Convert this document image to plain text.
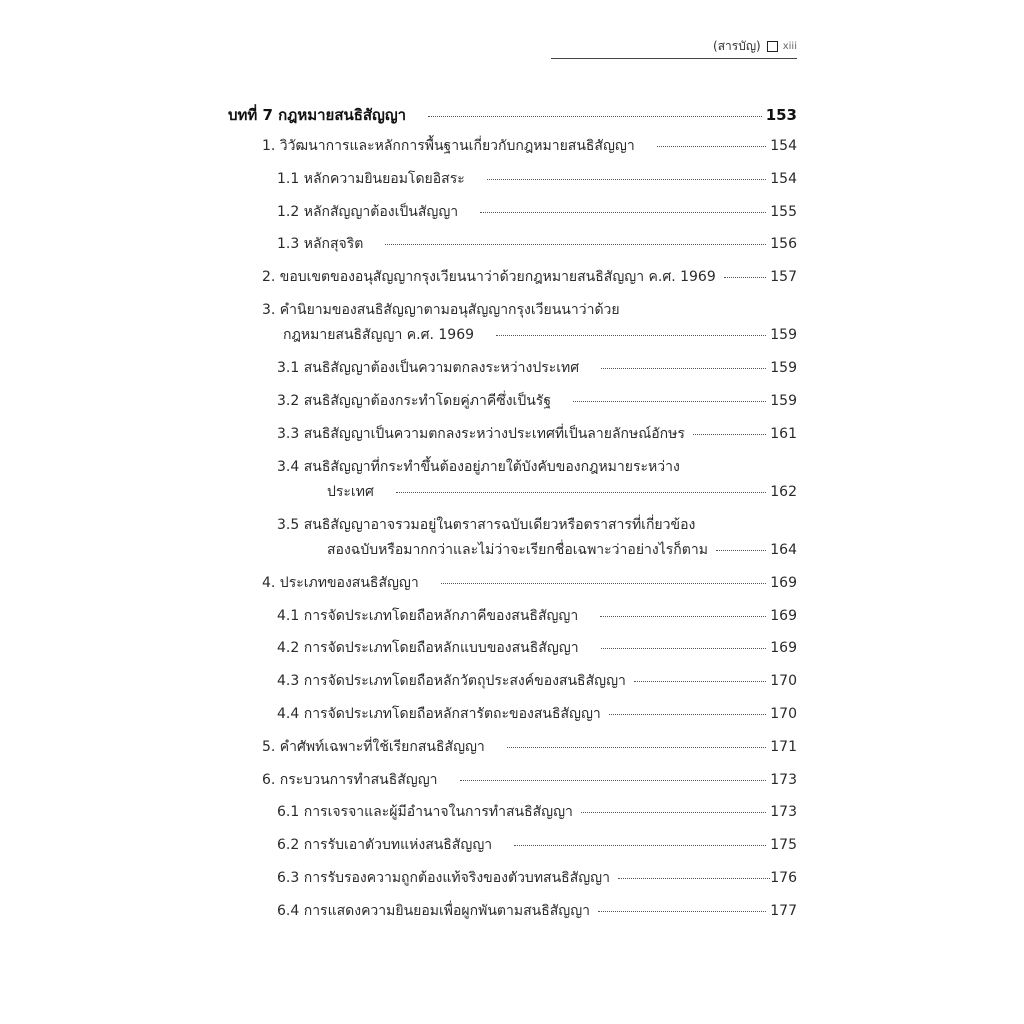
(สารบัญ) xiii
บทที่ 7 กฎหมายสนธิสัญญา	153
1. วิวัฒนาการและหลักการพื้นฐานเกี่ยวกับกฎหมายสนธิสัญญา	154
1.1 หลักความยินยอมโดยอิสระ	154
1.2 หลักสัญญาต้องเป็นสัญญา	155
1.3 หลักสุจริต	156
2. ขอบเขตของอนุสัญญากรุงเวียนนาว่าด้วยกฎหมายสนธิสัญญา ค.ศ. 1969	157
3. คำนิยามของสนธิสัญญาตามอนุสัญญากรุงเวียนนาว่าด้วย
กฎหมายสนธิสัญญา ค.ศ. 1969	159
3.1 สนธิสัญญาต้องเป็นความตกลงระหว่างประเทศ	159
3.2 สนธิสัญญาต้องกระทำโดยคู่ภาคีซึ่งเป็นรัฐ	159
3.3 สนธิสัญญาเป็นความตกลงระหว่างประเทศที่เป็นลายลักษณ์อักษร	161
3.4 สนธิสัญญาที่กระทำขึ้นต้องอยู่ภายใต้บังคับของกฎหมายระหว่าง
ประเทศ	162
3.5 สนธิสัญญาอาจรวมอยู่ในตราสารฉบับเดียวหรือตราสารที่เกี่ยวข้อง
สองฉบับหรือมากกว่าและไม่ว่าจะเรียกชื่อเฉพาะว่าอย่างไรก็ตาม	164
4. ประเภทของสนธิสัญญา	169
4.1 การจัดประเภทโดยถือหลักภาคีของสนธิสัญญา	169
4.2 การจัดประเภทโดยถือหลักแบบของสนธิสัญญา	169
4.3 การจัดประเภทโดยถือหลักวัตถุประสงค์ของสนธิสัญญา	170
4.4 การจัดประเภทโดยถือหลักสารัตถะของสนธิสัญญา	170
5. คำศัพท์เฉพาะที่ใช้เรียกสนธิสัญญา	171
6. กระบวนการทำสนธิสัญญา	173
6.1 การเจรจาและผู้มีอำนาจในการทำสนธิสัญญา	173
6.2 การรับเอาตัวบทแห่งสนธิสัญญา	175
6.3 การรับรองความถูกต้องแท้จริงของตัวบทสนธิสัญญา	176
6.4 การแสดงความยินยอมเพื่อผูกพันตามสนธิสัญญา	177
